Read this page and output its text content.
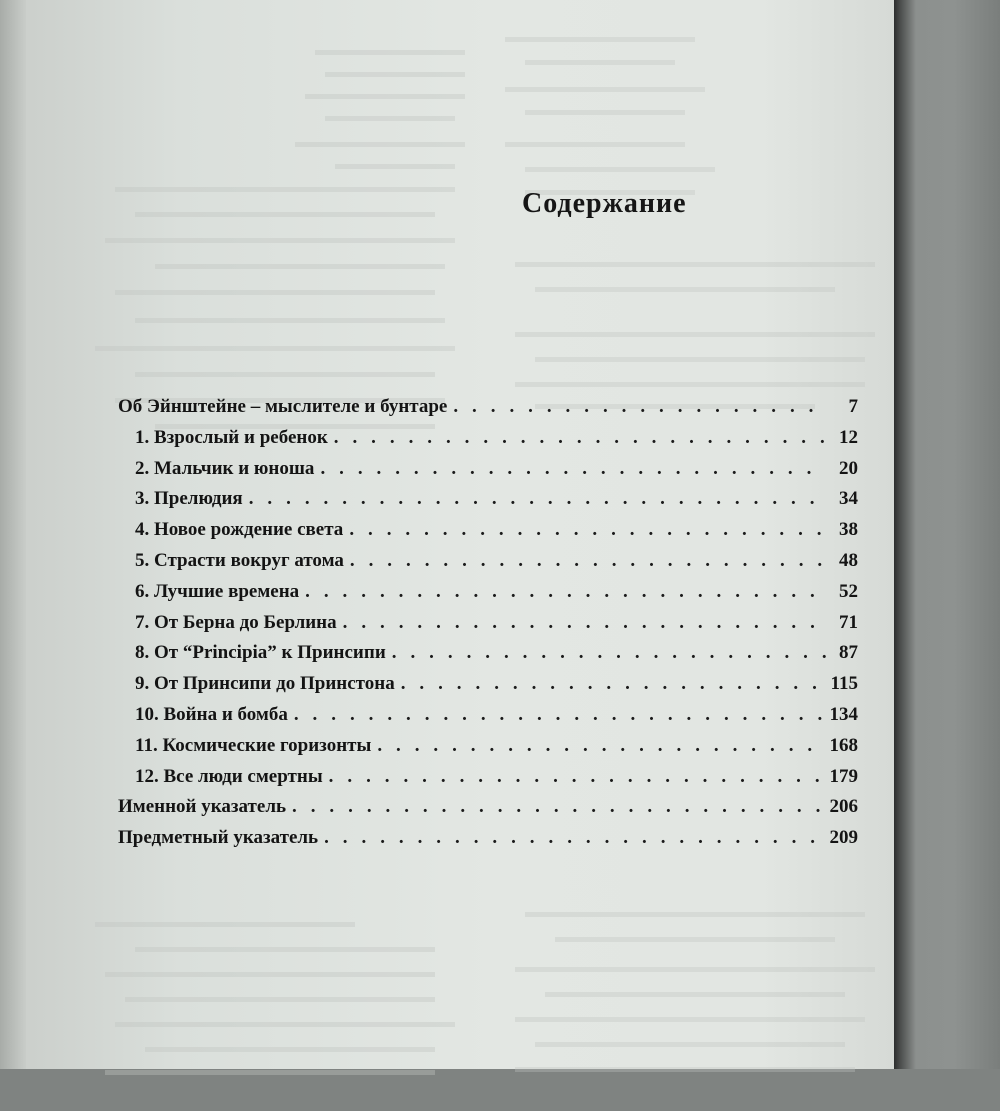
Содержание
Об Эйнштейне – мыслителе и бунтаре . . .	7
1. Взрослый и ребенок . . .	12
2. Мальчик и юноша . . .	20
3. Прелюдия . . .	34
4. Новое рождение света . . .	38
5. Страсти вокруг атома . . .	48
6. Лучшие времена . . .	52
7. От Берна до Берлина . . .	71
8. От “Principia” к Принсипи . . .	87
9. От Принсипи до Принстона . . .	115
10. Война и бомба . . .	134
11. Космические горизонты . . .	168
12. Все люди смертны . . .	179
Именной указатель . . .	206
Предметный указатель . . .	209
